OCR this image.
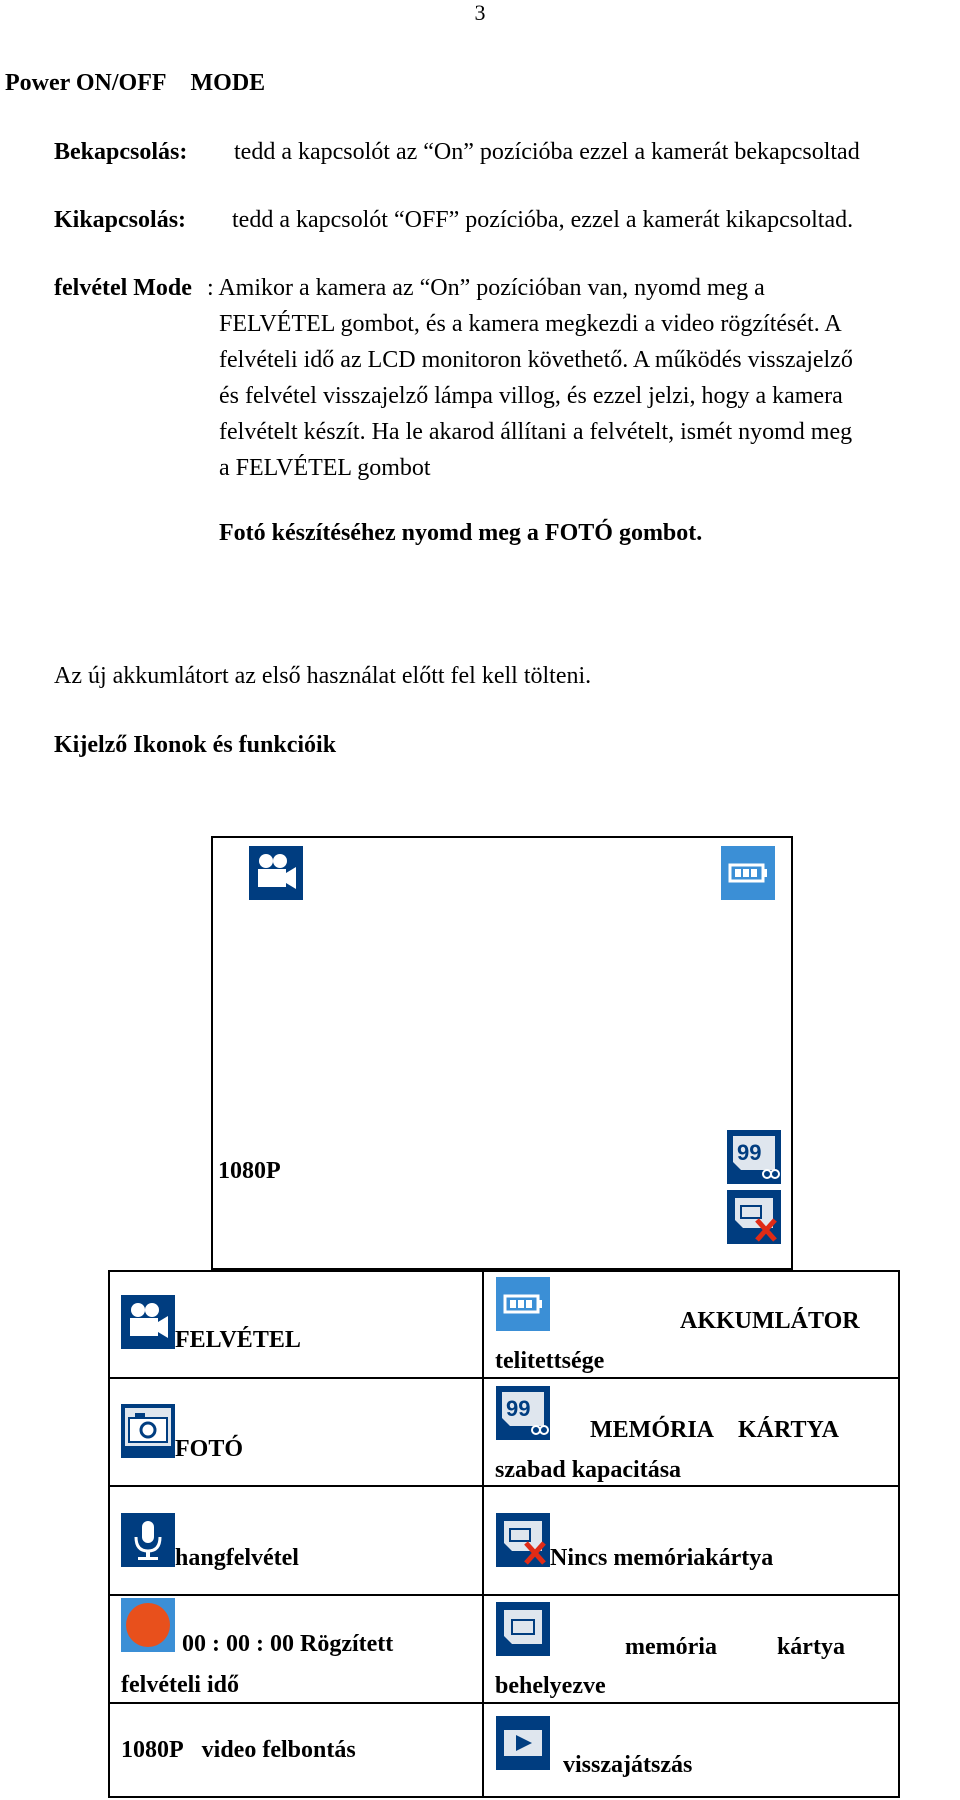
3
Power ON/OFF    MODE
Bekapcsolás: tedd a kapcsolót az “On” pozícióba ezzel a kamerát bekapcsoltad
Kikapcsolás: tedd a kapcsolót “OFF” pozícióba, ezzel a kamerát kikapcsoltad.
felvétel Mode : Amikor a kamera az “On” pozícióban van, nyomd meg a
FELVÉTEL gombot, és a kamera megkezdi a video rögzítését. A
felvételi idő az LCD monitoron követhető. A működés visszajelző
és felvétel visszajelző lámpa villog, és ezzel jelzi, hogy a kamera
felvételt készít. Ha le akarod állítani a felvételt, ismét nyomd meg
a FELVÉTEL gombot
Fotó készítéséhez nyomd meg a FOTÓ gombot.
Az új akkumlátort az első használat előtt fel kell tölteni.
Kijelző Ikonok és funkcióik
1080P
99
FELVÉTEL
AKKUMLÁTOR
telitettsége
FOTÓ
99
MEMÓRIA    KÁRTYA
szabad kapacitása
hangfelvétel	Nincs memóriakártya
00 : 00 : 00 Rögzített
felvételi idő
memória          kártya
behelyezve
1080P   video felbontás
visszajátszás
